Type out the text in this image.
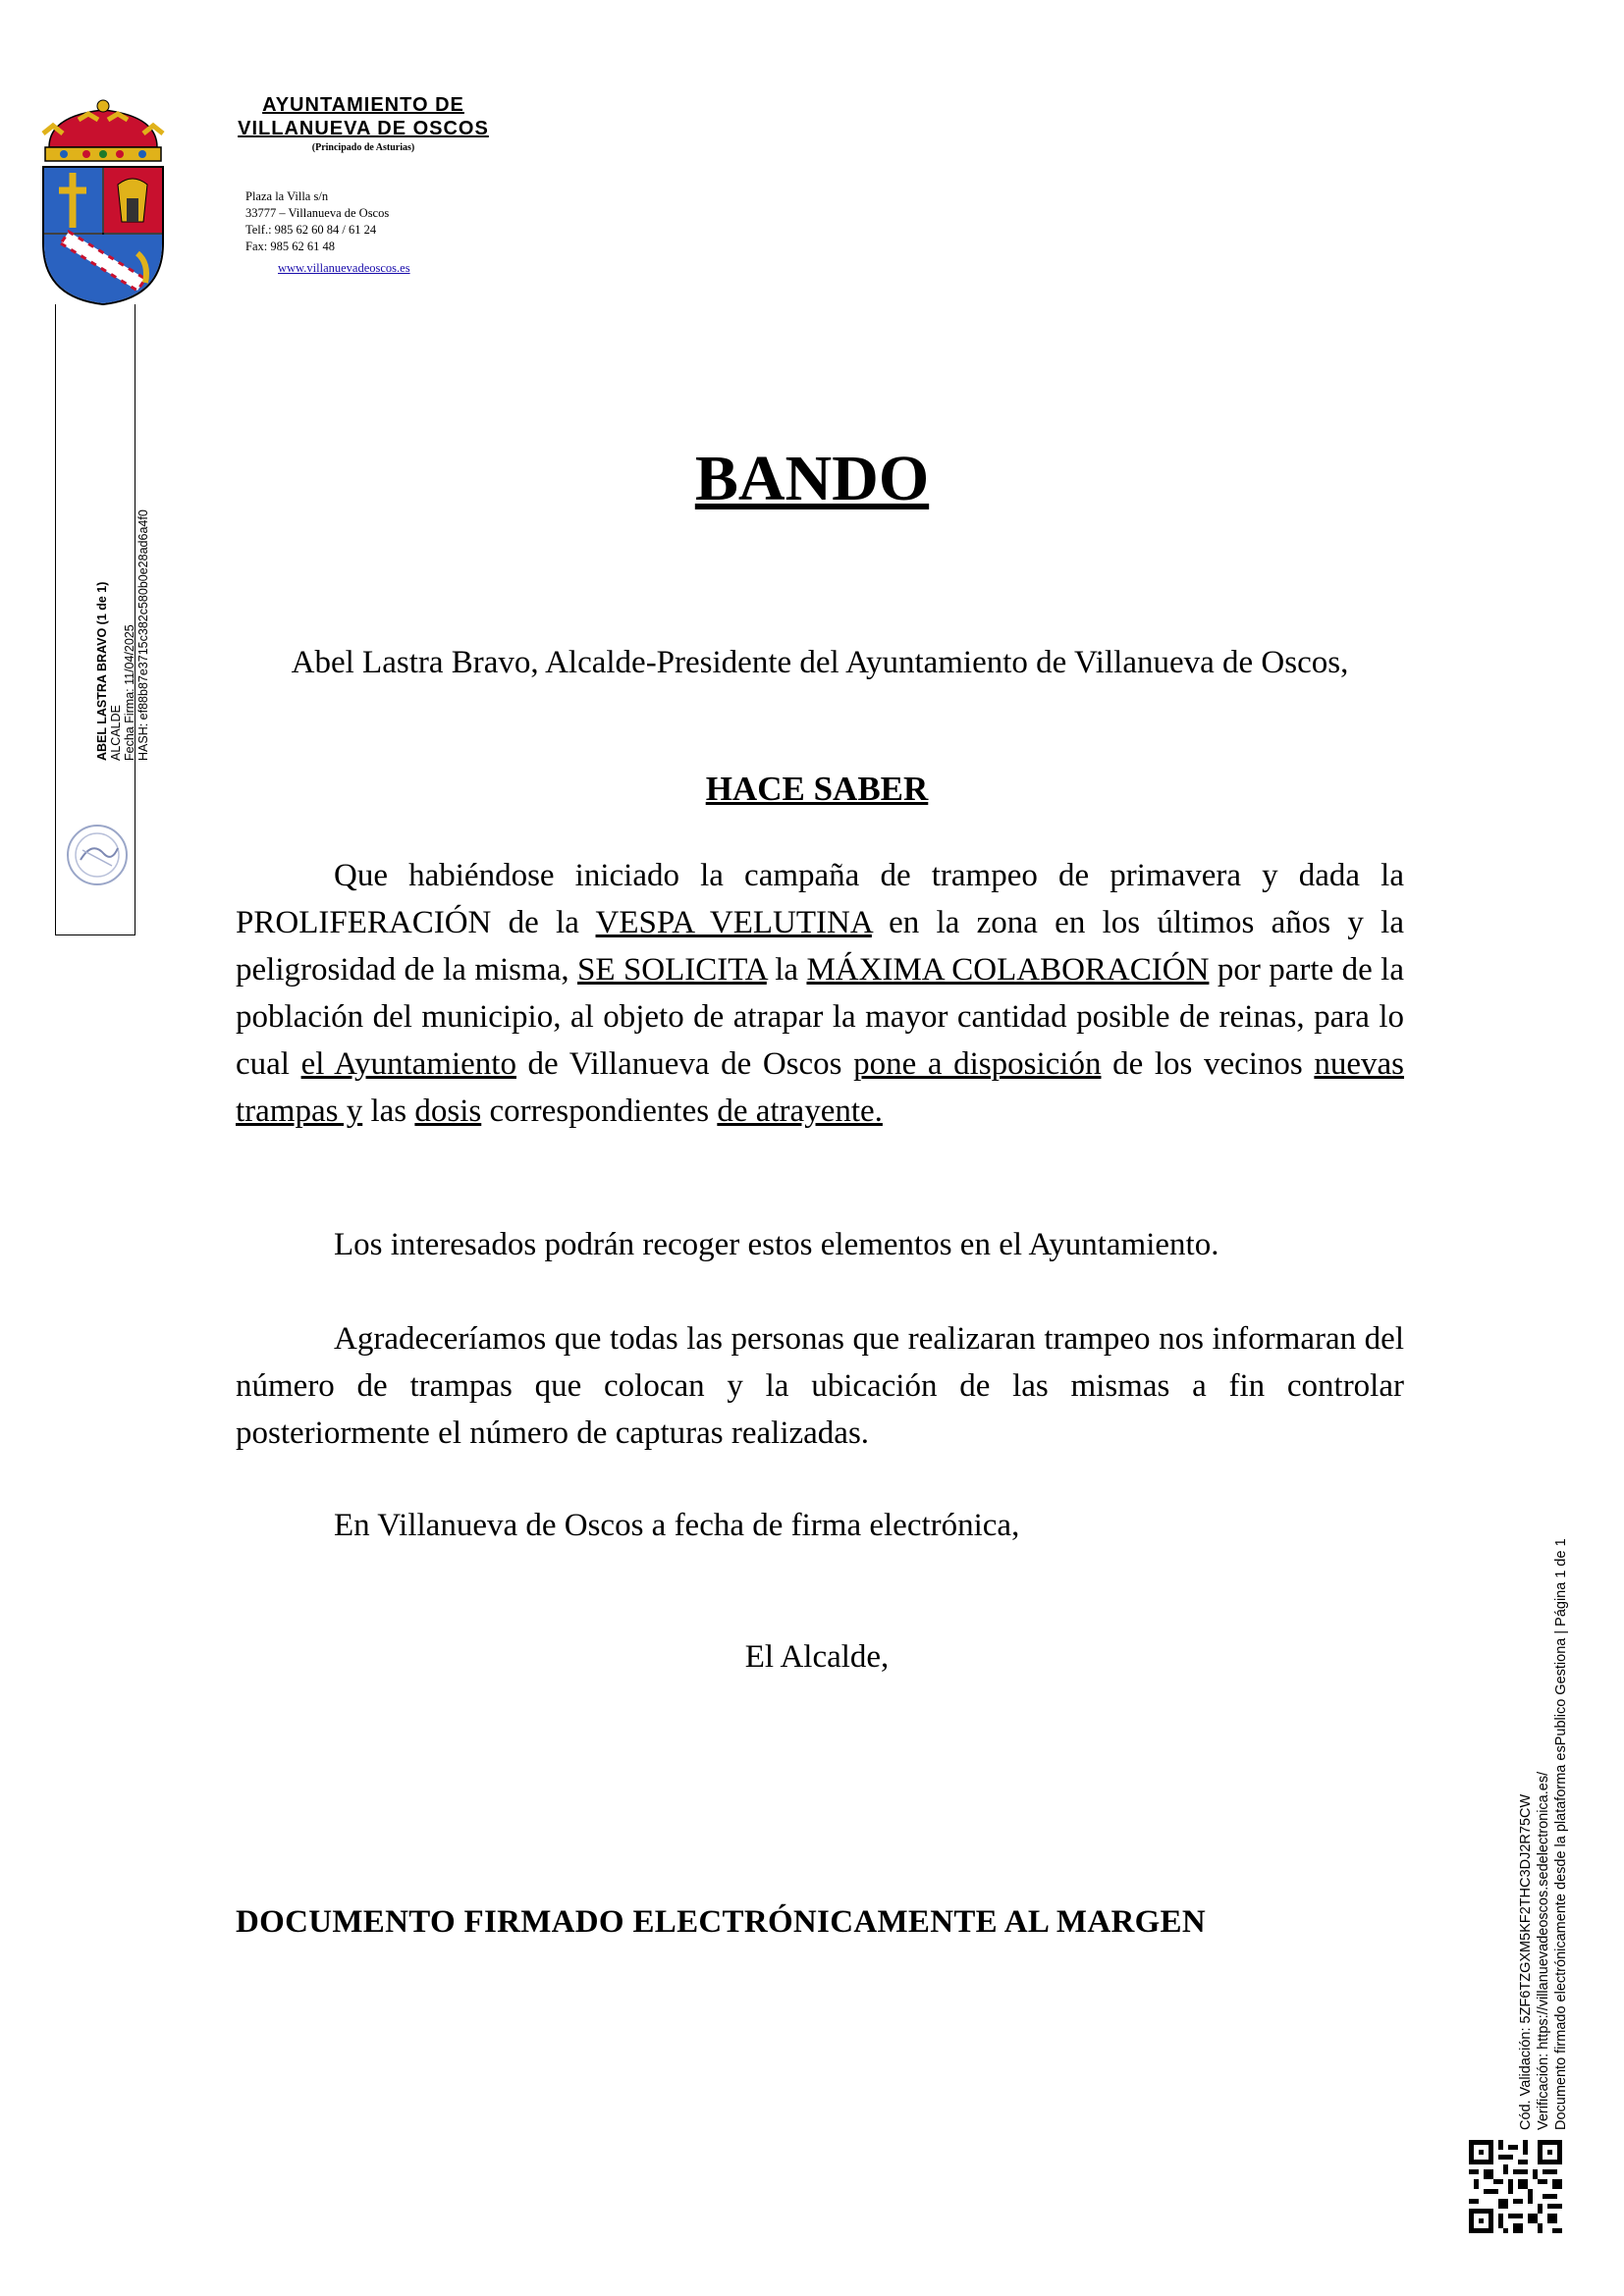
AYUNTAMIENTO DE
VILLANUEVA DE OSCOS
(Principado de Asturias)
Plaza la Villa s/n
33777 – Villanueva de Oscos
Telf.: 985 62 60 84 / 61 24
Fax: 985 62 61 48
www.villanuevadeoscos.es
ABEL LASTRA BRAVO (1 de 1) ALCALDE Fecha Firma: 11/04/2025 HASH: ef88b87e3715c382c580b0e28ad6a4f0
Cód. Validación: 5ZF6TZGXM5KF2THC3DJ2R75CW Verificación: https://villanuevadeoscos.sedelectronica.es/ Documento firmado electrónicamente desde la plataforma esPublico Gestiona | Página 1 de 1
BANDO
Abel Lastra Bravo, Alcalde-Presidente del Ayuntamiento de Villanueva de Oscos,
HACE SABER

Que habiéndose iniciado la campaña de trampeo de primavera y dada la PROLIFERACIÓN de la VESPA VELUTINA en la zona en los últimos años y la peligrosidad de la misma, SE SOLICITA la MÁXIMA COLABORACIÓN por parte de la población del municipio, al objeto de atrapar la mayor cantidad posible de reinas, para lo cual el Ayuntamiento de Villanueva de Oscos pone a disposición de los vecinos nuevas trampas y las dosis correspondientes de atrayente.

Los interesados podrán recoger estos elementos en el Ayuntamiento.

Agradeceríamos que todas las personas que realizaran trampeo nos informaran del número de trampas que colocan y la ubicación de las mismas a fin controlar posteriormente el número de capturas realizadas.

En Villanueva de Oscos a fecha de firma electrónica,

El Alcalde,
DOCUMENTO FIRMADO ELECTRÓNICAMENTE AL MARGEN
